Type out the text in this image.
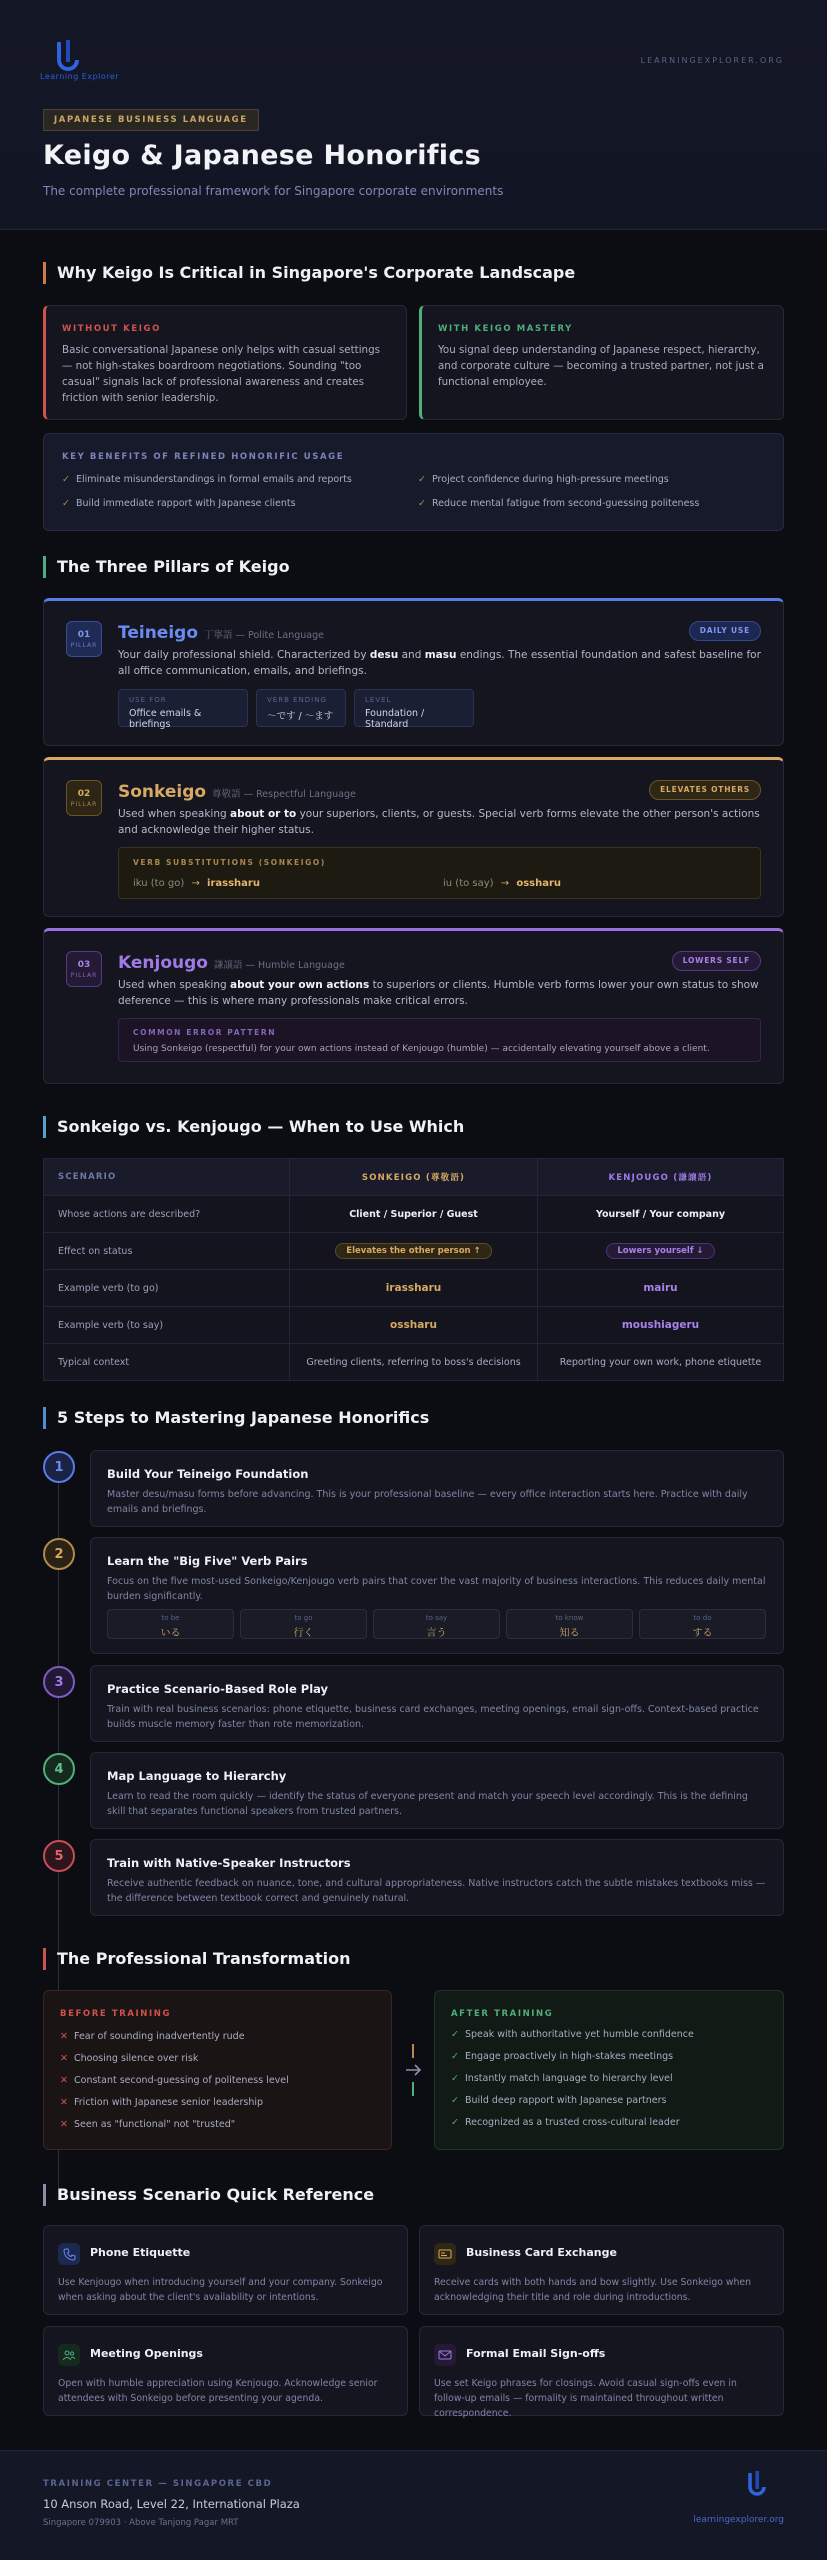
Learning Explorer
LEARNINGEXPLORER.ORG
JAPANESE BUSINESS LANGUAGE
Keigo & Japanese Honorifics
The complete professional framework for Singapore corporate environments
Why Keigo Is Critical in Singapore's Corporate Landscape
WITHOUT KEIGO
Basic conversational Japanese only helps with casual settings — not high-stakes boardroom negotiations. Sounding "too casual" signals lack of professional awareness and creates friction with senior leadership.
WITH KEIGO MASTERY
You signal deep understanding of Japanese respect, hierarchy, and corporate culture — becoming a trusted partner, not just a functional employee.
KEY BENEFITS OF REFINED HONORIFIC USAGE
✓ Eliminate misunderstandings in formal emails and reports	✓ Project confidence during high-pressure meetings
✓ Build immediate rapport with Japanese clients	✓ Reduce mental fatigue from second-guessing politeness
The Three Pillars of Keigo
01
PILLAR
Teineigo 丁寧語 — Polite Language	DAILY USE
Your daily professional shield. Characterized by desu and masu endings. The essential foundation and safest baseline for all office communication, emails, and briefings.
USE FOR
Office emails & briefings
VERB ENDING
〜です / 〜ます
LEVEL
Foundation / Standard
02
PILLAR
Sonkeigo 尊敬語 — Respectful Language	ELEVATES OTHERS
Used when speaking about or to your superiors, clients, or guests. Special verb forms elevate the other person's actions and acknowledge their higher status.
VERB SUBSTITUTIONS (SONKEIGO)
iku (to go) → irassharu	iu (to say) → ossharu
03
PILLAR
Kenjougo 謙譲語 — Humble Language	LOWERS SELF
Used when speaking about your own actions to superiors or clients. Humble verb forms lower your own status to show deference — this is where many professionals make critical errors.
COMMON ERROR PATTERN
Using Sonkeigo (respectful) for your own actions instead of Kenjougo (humble) — accidentally elevating yourself above a client.
Sonkeigo vs. Kenjougo — When to Use Which
SCENARIO	SONKEIGO (尊敬語)	KENJOUGO (謙譲語)
Whose actions are described?	Client / Superior / Guest	Yourself / Your company
Effect on status	Elevates the other person ↑	Lowers yourself ↓
Example verb (to go)	irassharu	mairu
Example verb (to say)	ossharu	moushiageru
Typical context	Greeting clients, referring to boss's decisions	Reporting your own work, phone etiquette
5 Steps to Mastering Japanese Honorifics
1	Build Your Teineigo Foundation
Master desu/masu forms before advancing. This is your professional baseline — every office interaction starts here. Practice with daily emails and briefings.
2	Learn the "Big Five" Verb Pairs
Focus on the five most-used Sonkeigo/Kenjougo verb pairs that cover the vast majority of business interactions. This reduces daily mental burden significantly.
to be
いる
to go
行く
to say
言う
to know
知る
to do
する
3	Practice Scenario-Based Role Play
Train with real business scenarios: phone etiquette, business card exchanges, meeting openings, email sign-offs. Context-based practice builds muscle memory faster than rote memorization.
4	Map Language to Hierarchy
Learn to read the room quickly — identify the status of everyone present and match your speech level accordingly. This is the defining skill that separates functional speakers from trusted partners.
5	Train with Native-Speaker Instructors
Receive authentic feedback on nuance, tone, and cultural appropriateness. Native instructors catch the subtle mistakes textbooks miss — the difference between textbook correct and genuinely natural.
The Professional Transformation
BEFORE TRAINING
✕ Fear of sounding inadvertently rude
✕ Choosing silence over risk
✕ Constant second-guessing of politeness level
✕ Friction with Japanese senior leadership
✕ Seen as "functional" not "trusted"
AFTER TRAINING
✓ Speak with authoritative yet humble confidence
✓ Engage proactively in high-stakes meetings
✓ Instantly match language to hierarchy level
✓ Build deep rapport with Japanese partners
✓ Recognized as a trusted cross-cultural leader
Business Scenario Quick Reference
Phone Etiquette
Use Kenjougo when introducing yourself and your company. Sonkeigo when asking about the client's availability or intentions.
Business Card Exchange
Receive cards with both hands and bow slightly. Use Sonkeigo when acknowledging their title and role during introductions.
Meeting Openings
Open with humble appreciation using Kenjougo. Acknowledge senior attendees with Sonkeigo before presenting your agenda.
Formal Email Sign-offs
Use set Keigo phrases for closings. Avoid casual sign-offs even in follow-up emails — formality is maintained throughout written correspondence.
TRAINING CENTER — SINGAPORE CBD
10 Anson Road, Level 22, International Plaza
Singapore 079903 · Above Tanjong Pagar MRT	learningexplorer.org
